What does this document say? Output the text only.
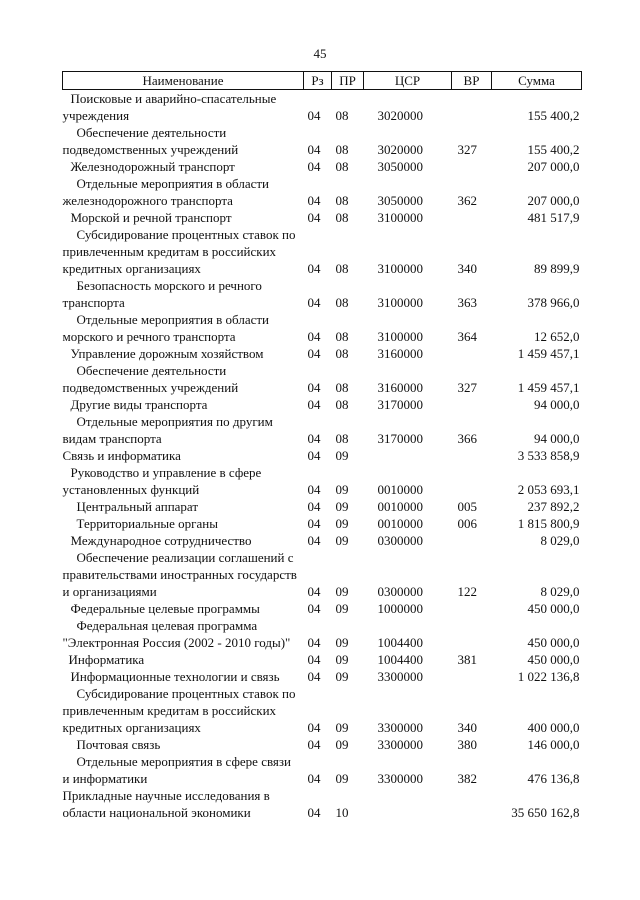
45
Наименование	Рз	ПР	ЦСР	ВР	Сумма
Поисковые и аварийно-спасательные учреждения	04	08	3020000		155 400,2
Обеспечение деятельности подведомственных учреждений	04	08	3020000	327	155 400,2
Железнодорожный транспорт	04	08	3050000		207 000,0
Отдельные мероприятия в области железнодорожного транспорта	04	08	3050000	362	207 000,0
Морской и речной транспорт	04	08	3100000		481 517,9
Субсидирование процентных ставок по привлеченным кредитам в российских кредитных организациях	04	08	3100000	340	89 899,9
Безопасность морского и речного транспорта	04	08	3100000	363	378 966,0
Отдельные мероприятия в области морского и речного транспорта	04	08	3100000	364	12 652,0
Управление дорожным хозяйством	04	08	3160000		1 459 457,1
Обеспечение деятельности подведомственных учреждений	04	08	3160000	327	1 459 457,1
Другие виды транспорта	04	08	3170000		94 000,0
Отдельные мероприятия по другим видам транспорта	04	08	3170000	366	94 000,0
Связь и информатика	04	09			3 533 858,9
Руководство и управление в сфере установленных функций	04	09	0010000		2 053 693,1
Центральный аппарат	04	09	0010000	005	237 892,2
Территориальные органы	04	09	0010000	006	1 815 800,9
Международное сотрудничество	04	09	0300000		8 029,0
Обеспечение реализации соглашений с правительствами иностранных государств и организациями	04	09	0300000	122	8 029,0
Федеральные целевые программы	04	09	1000000		450 000,0
Федеральная целевая программа "Электронная Россия (2002 - 2010 годы)"	04	09	1004400		450 000,0
Информатика	04	09	1004400	381	450 000,0
Информационные технологии и связь	04	09	3300000		1 022 136,8
Субсидирование процентных ставок по привлеченным кредитам в российских кредитных организациях	04	09	3300000	340	400 000,0
Почтовая связь	04	09	3300000	380	146 000,0
Отдельные мероприятия в сфере связи и информатики	04	09	3300000	382	476 136,8
Прикладные научные исследования в области национальной экономики	04	10			35 650 162,8
